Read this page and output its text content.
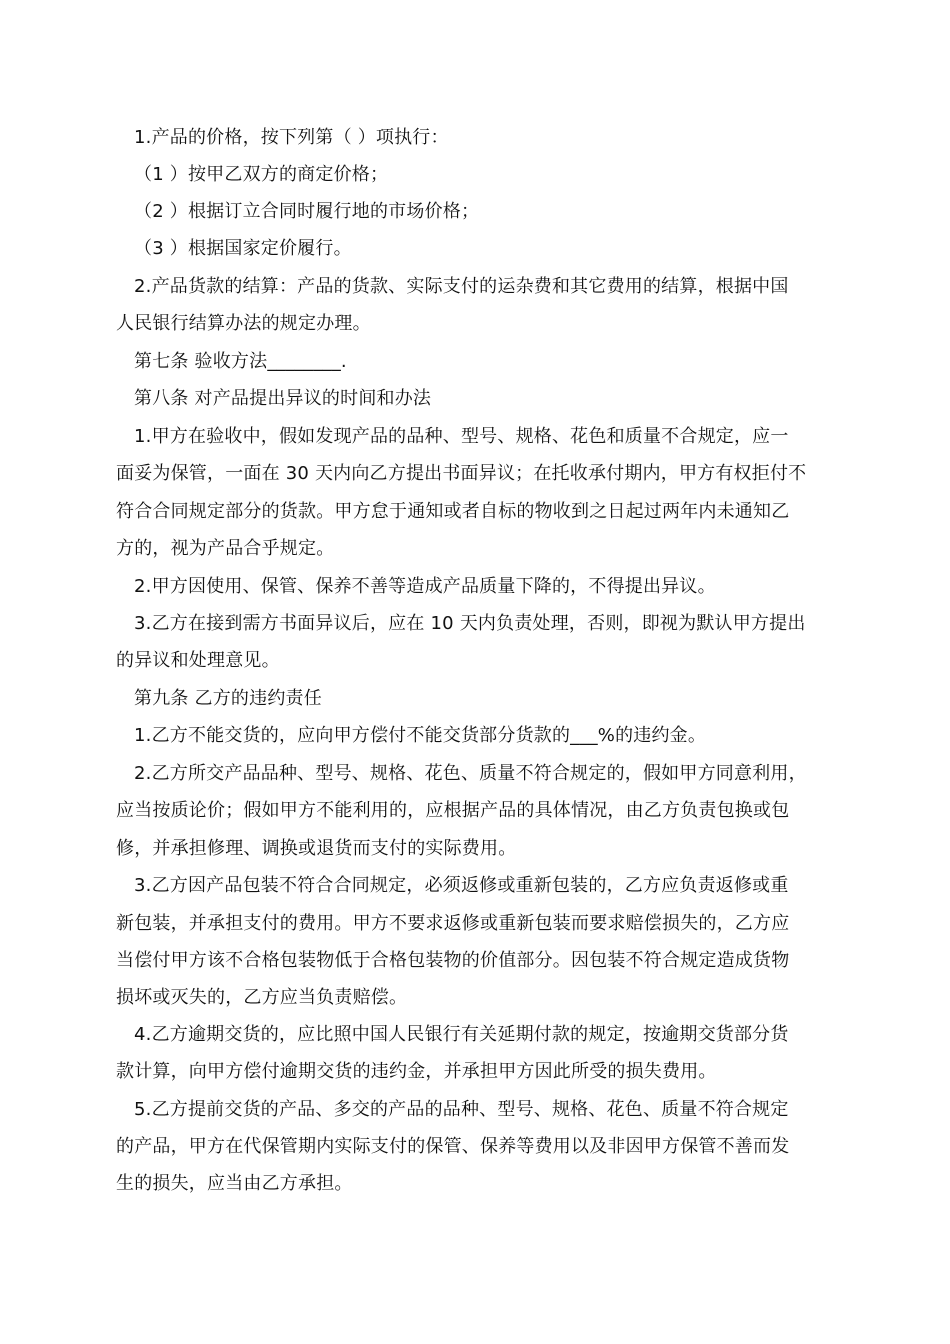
1.产品的价格，按下列第（ ）项执行：
（1 ）按甲乙双方的商定价格；
（2 ）根据订立合同时履行地的市场价格；
（3 ）根据国家定价履行。
2.产品货款的结算：产品的货款、实际支付的运杂费和其它费用的结算，根据中国
人民银行结算办法的规定办理。
第七条 验收方法________.
第八条 对产品提出异议的时间和办法
1.甲方在验收中，假如发现产品的品种、型号、规格、花色和质量不合规定，应一
面妥为保管，一面在 30 天内向乙方提出书面异议；在托收承付期内，甲方有权拒付不
符合合同规定部分的货款。甲方怠于通知或者自标的物收到之日起过两年内未通知乙
方的，视为产品合乎规定。
2.甲方因使用、保管、保养不善等造成产品质量下降的，不得提出异议。
3.乙方在接到需方书面异议后，应在 10 天内负责处理，否则，即视为默认甲方提出
的异议和处理意见。
第九条 乙方的违约责任
1.乙方不能交货的，应向甲方偿付不能交货部分货款的___%的违约金。
2.乙方所交产品品种、型号、规格、花色、质量不符合规定的，假如甲方同意利用，
应当按质论价；假如甲方不能利用的，应根据产品的具体情况，由乙方负责包换或包
修，并承担修理、调换或退货而支付的实际费用。
3.乙方因产品包装不符合合同规定，必须返修或重新包装的，乙方应负责返修或重
新包装，并承担支付的费用。甲方不要求返修或重新包装而要求赔偿损失的，乙方应
当偿付甲方该不合格包装物低于合格包装物的价值部分。因包装不符合规定造成货物
损坏或灭失的，乙方应当负责赔偿。
4.乙方逾期交货的，应比照中国人民银行有关延期付款的规定，按逾期交货部分货
款计算，向甲方偿付逾期交货的违约金，并承担甲方因此所受的损失费用。
5.乙方提前交货的产品、多交的产品的品种、型号、规格、花色、质量不符合规定
的产品，甲方在代保管期内实际支付的保管、保养等费用以及非因甲方保管不善而发
生的损失，应当由乙方承担。
